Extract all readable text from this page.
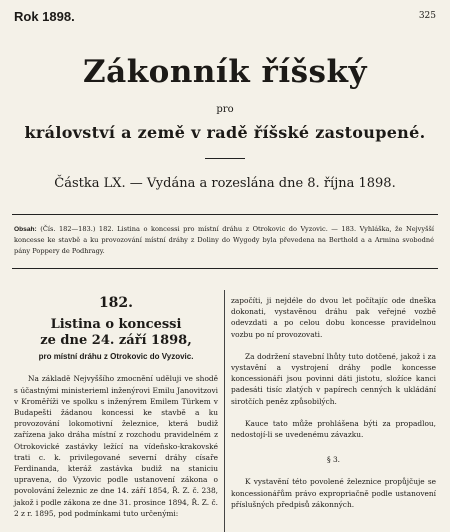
Rok 1898.	325
Zákonník říšský
pro
království a země v radě říšské zastoupené.
Částka LX. — Vydána a rozeslána dne 8. října 1898.
Obsah: (Čís. 182—183.) 182. Listina o koncessi pro místní dráhu z Otrokovic do Vyzovic. — 183. Vyhláška, že Nejvyšší koncesse ke stavbě a ku provozování místní dráhy z Doliny do Wygody byla převedena na Berthold a a Armina svobodné pány Poppery de Podhragy.
182.
Listina o koncessi
ze dne 24. září 1898,
pro místní dráhu z Otrokovic do Vyzovic.
Na základě Nejvyššího zmocnění uděluji ve shodě s účastnými ministerieml inženýrovi Emilu Janovitzovi v Kroměříži ve spolku s inženýrem Emilem Türkem v Budapešti žádanou koncessi ke stavbě a ku provozování lokomotivní železnice, která budiž zařízena jako dráha místní z rozchodu pravidelném z Otrokovické zastávky ležící na vídeňsko-krakovské trati c. k. privilegované severní dráhy císaře Ferdinanda, kteráž zastávka budiž na staniciu upravena, do Vyzovic podle ustanovení zákona o povolování železnic ze dne 14. září 1854, Ř. Z. č. 238, jakož i podle zákona ze dne 31. prosince 1894, Ř. Z. č. 2 z r. 1895, pod podmínkami tuto určenými:
započíti, ji nejdéle do dvou let počítajíc ode dneška dokonati, vystavěnou dráhu pak veřejné vozbě odevzdati a po celou dobu koncesse pravidelnou vozbu po ní provozovati.
Za dodržení stavební lhůty tuto dotčené, jakož i za vystavění a vystrojení dráhy podle koncesse koncessionáři jsou povinni dáti jistotu, složíce kanci padesáti tisíc zlatých v papírech cenných k ukládání sirotčích peněz způsobilých.
Kauce tato může prohlášena býti za propadlou, nedostojí-li se uvedenému závazku.
§ 3.
K vystavění této povolené železnice propůjčuje se koncessionářům právo expropriačně podle ustanovení příslušných předpisů zákonných.
